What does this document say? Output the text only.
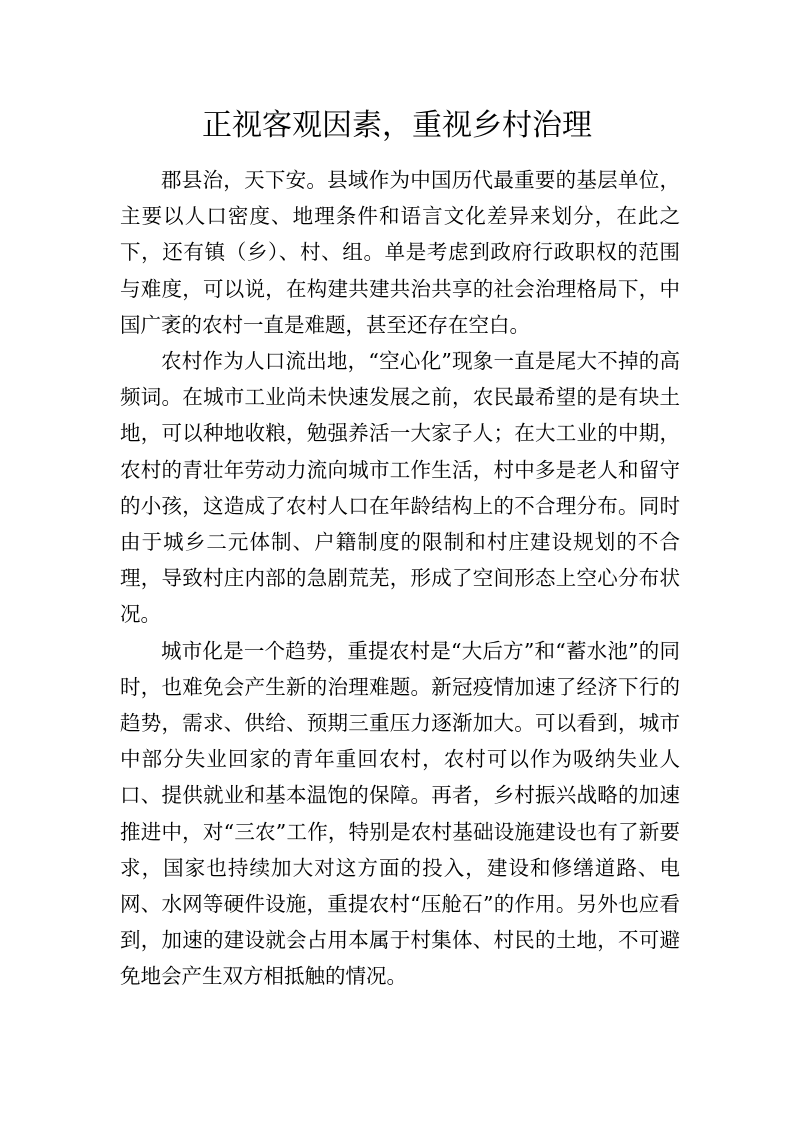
正视客观因素，重视乡村治理

郡县治，天下安。县域作为中国历代最重要的基层单位，主要以人口密度、地理条件和语言文化差异来划分，在此之下，还有镇（乡）、村、组。单是考虑到政府行政职权的范围与难度，可以说，在构建共建共治共享的社会治理格局下，中国广袤的农村一直是难题，甚至还存在空白。

农村作为人口流出地，“空心化”现象一直是尾大不掉的高频词。在城市工业尚未快速发展之前，农民最希望的是有块土地，可以种地收粮，勉强养活一大家子人；在大工业的中期，农村的青壮年劳动力流向城市工作生活，村中多是老人和留守的小孩，这造成了农村人口在年龄结构上的不合理分布。同时由于城乡二元体制、户籍制度的限制和村庄建设规划的不合理，导致村庄内部的急剧荒芜，形成了空间形态上空心分布状况。

城市化是一个趋势，重提农村是“大后方”和“蓄水池”的同时，也难免会产生新的治理难题。新冠疫情加速了经济下行的趋势，需求、供给、预期三重压力逐渐加大。可以看到，城市中部分失业回家的青年重回农村，农村可以作为吸纳失业人口、提供就业和基本温饱的保障。再者，乡村振兴战略的加速推进中，对“三农”工作，特别是农村基础设施建设也有了新要求，国家也持续加大对这方面的投入，建设和修缮道路、电网、水网等硬件设施，重提农村“压舱石”的作用。另外也应看到，加速的建设就会占用本属于村集体、村民的土地，不可避免地会产生双方相抵触的情况。
